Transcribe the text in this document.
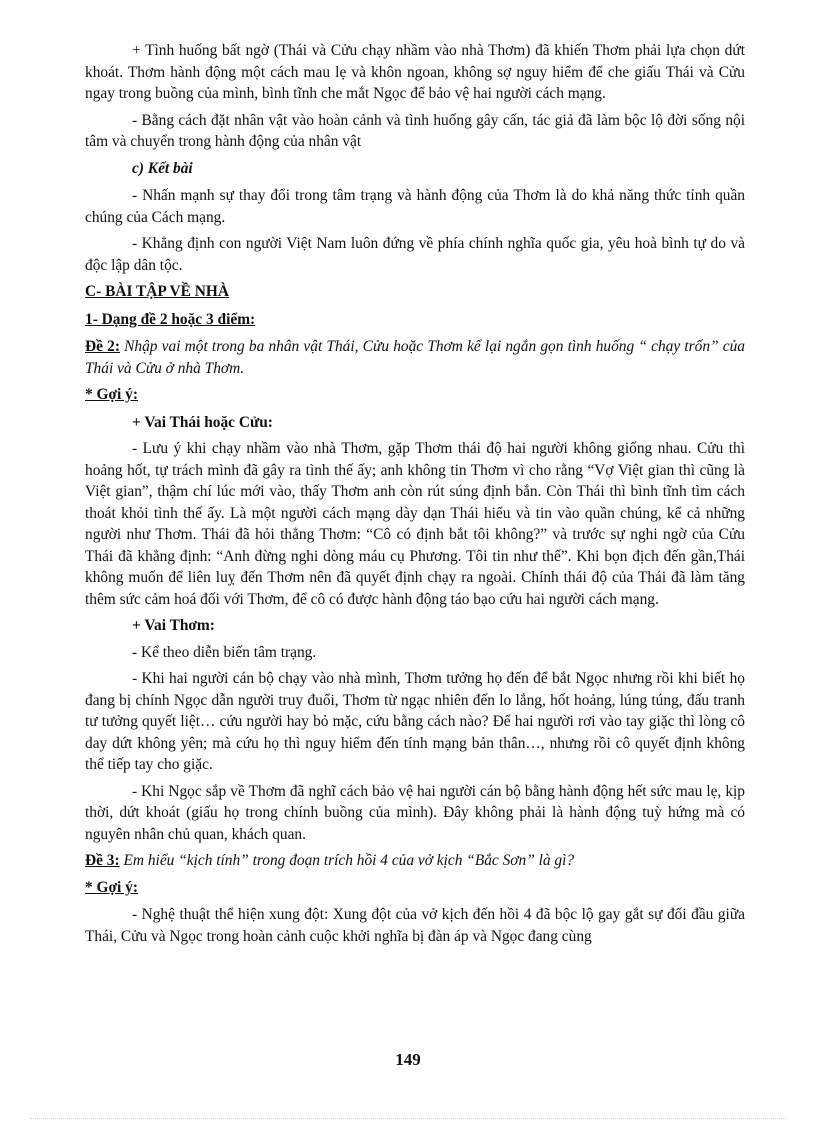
+ Tình huống bất ngờ (Thái và Cửu chạy nhầm vào nhà Thơm) đã khiến Thơm phải lựa chọn dứt khoát. Thơm hành động một cách mau lẹ và khôn ngoan, không sợ nguy hiểm để che giấu Thái và Cửu ngay trong buồng của mình, bình tĩnh che mắt Ngọc để bảo vệ hai người cách mạng.

- Bằng cách đặt nhân vật vào hoàn cảnh và tình huống gây cấn, tác giả đã làm bộc lộ đời sống nội tâm và chuyển trong hành động của nhân vật

c) Kết bài

- Nhấn mạnh sự thay đổi trong tâm trạng và hành động của Thơm là do khả năng thức tỉnh quần chúng của Cách mạng.

- Khẳng định con người Việt Nam luôn đứng về phía chính nghĩa quốc gia, yêu hoà bình tự do và độc lập dân tộc.

C- BÀI TẬP VỀ NHÀ

1- Dạng đề 2 hoặc 3 điểm:

Đề 2: Nhập vai một trong ba nhân vật Thái, Cửu hoặc Thơm kể lại ngắn gọn tình huống “ chạy trốn” của Thái và Cửu ở nhà Thơm.

* Gợi ý:

+ Vai Thái hoặc Cửu:

- Lưu ý khi chạy nhầm vào nhà Thơm, gặp Thơm thái độ hai người không giống nhau. Cửu thì hoảng hốt, tự trách mình đã gây ra tình thế ấy; anh không tin Thơm vì cho rằng “Vợ Việt gian thì cũng là Việt gian”, thậm chí lúc mới vào, thấy Thơm anh còn rút súng định bắn. Còn Thái thì bình tĩnh tìm cách thoát khỏi tình thế ấy. Là một người cách mạng dày dạn Thái hiểu và tin vào quần chúng, kể cả những người như Thơm. Thái đã hỏi thẳng Thơm: “Cô có định bắt tôi không?” và trước sự nghi ngờ của Cửu Thái đã khẳng định: “Anh đừng nghi dòng máu cụ Phương. Tôi tin như thế”. Khi bọn địch đến gần,Thái không muốn để liên luỵ đến Thơm nên đã quyết định chạy ra ngoài. Chính thái độ của Thái đã làm tăng thêm sức cảm hoá đối với Thơm, để cô có được hành động táo bạo cứu hai người cách mạng.

+ Vai Thơm:

- Kể theo diễn biến tâm trạng.

- Khi hai người cán bộ chạy vào nhà mình, Thơm tưởng họ đến để bắt Ngọc nhưng rồi khi biết họ đang bị chính Ngọc dẫn người truy đuổi, Thơm từ ngạc nhiên đến lo lắng, hốt hoảng, lúng túng, đấu tranh tư tưởng quyết liệt… cứu người hay bỏ mặc, cứu bằng cách nào? Để hai người rơi vào tay giặc thì lòng cô day dứt không yên; mà cứu họ thì nguy hiểm đến tính mạng bản thân…, nhưng rồi cô quyết định không thể tiếp tay cho giặc.

- Khi Ngọc sắp về Thơm đã nghĩ cách bảo vệ hai người cán bộ bằng hành động hết sức mau lẹ, kịp thời, dứt khoát (giấu họ trong chính buồng của mình). Đây không phải là hành động tuỳ hứng mà có nguyên nhân chủ quan, khách quan.

Đề 3: Em hiểu “kịch tính” trong đoạn trích hồi 4 của vở kịch “Bắc Sơn” là gì?

* Gợi ý:

- Nghệ thuật thể hiện xung đột: Xung đột của vở kịch đến hồi 4 đã bộc lộ gay gắt sự đối đầu giữa Thái, Cửu và Ngọc trong hoàn cảnh cuộc khởi nghĩa bị đàn áp và Ngọc đang cùng

149
